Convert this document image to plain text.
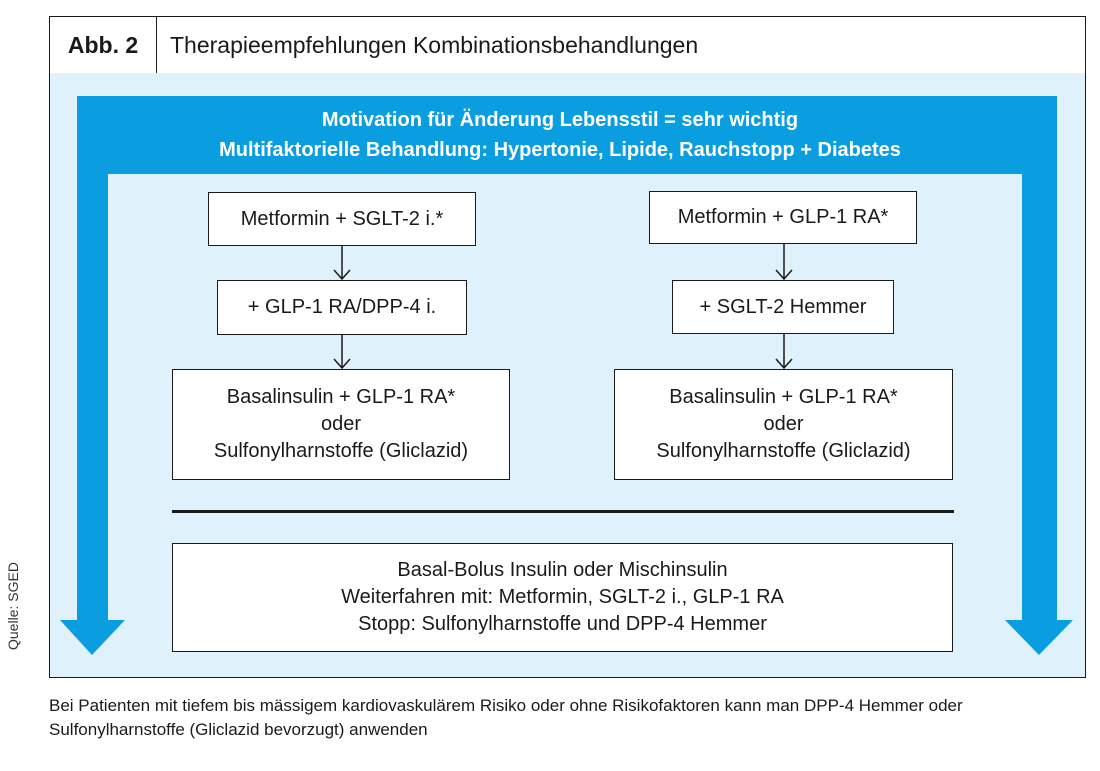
Abb. 2	Therapieempfehlungen Kombinationsbehandlungen
Motivation für Änderung Lebensstil = sehr wichtig
Multifaktorielle Behandlung: Hypertonie, Lipide, Rauchstopp + Diabetes
Metformin + SGLT-2 i.*
+ GLP-1 RA/DPP-4 i.
Basalinsulin + GLP-1 RA*
oder
Sulfonylharnstoffe (Gliclazid)
Metformin + GLP-1 RA*
+ SGLT-2 Hemmer
Basalinsulin + GLP-1 RA*
oder
Sulfonylharnstoffe (Gliclazid)
Basal-Bolus Insulin oder Mischinsulin
Weiterfahren mit: Metformin, SGLT-2 i., GLP-1 RA
Stopp: Sulfonylharnstoffe und DPP-4 Hemmer
Quelle: SGED
Bei Patienten mit tiefem bis mässigem kardiovaskulärem Risiko oder ohne Risikofaktoren kann man DPP-4 Hemmer oder Sulfonylharnstoffe (Gliclazid bevorzugt) anwenden
